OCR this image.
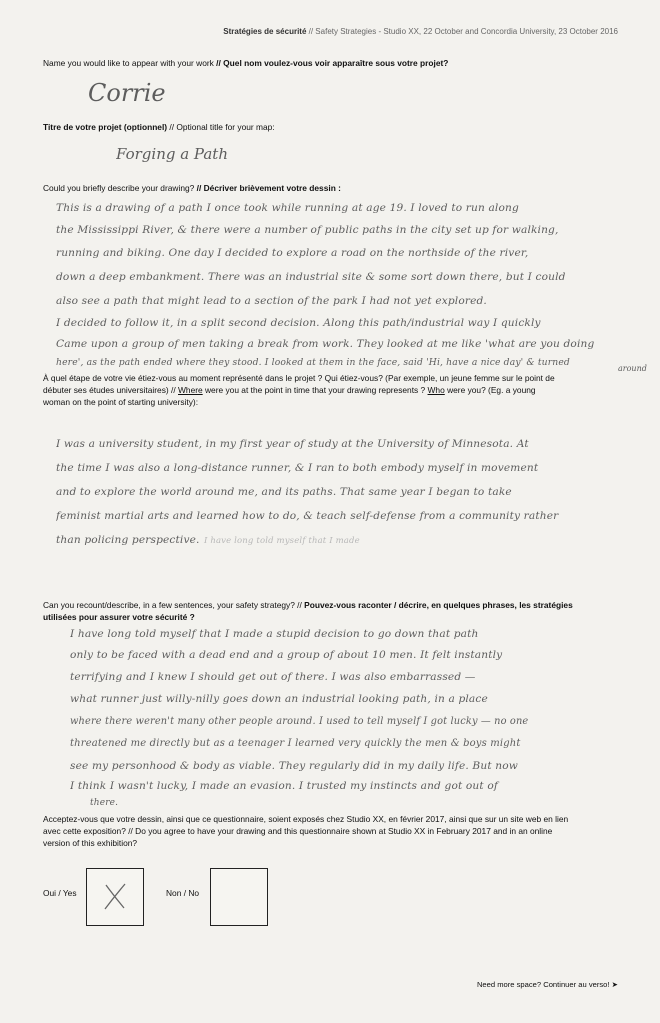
Stratégies de sécurité // Safety Strategies - Studio XX, 22 October and Concordia University, 23 October 2016
Name you would like to appear with your work // Quel nom voulez-vous voir apparaître sous votre projet?
Corrie
Titre de votre projet (optionnel) // Optional title for your map:
Forging a Path
Could you briefly describe your drawing? // Décriver brièvement votre dessin :
This is a drawing of a path I once took while running at age 19. I loved to run along
the Mississippi River, & there were a number of public paths in the city set up for walking,
running and biking. One day I decided to explore a road on the northside of the river,
down a deep embankment. There was an industrial site & some sort down there, but I could
also see a path that might lead to a section of the park I had not yet explored.
I decided to follow it, in a split second decision. Along this path/industrial way I quickly
Came upon a group of men taking a break from work. They looked at me like 'what are you doing
here', as the path ended where they stood. I looked at them in the face, said 'Hi, have a nice day' & turned
around
À quel étape de votre vie étiez-vous au moment représenté dans le projet ? Qui étiez-vous? (Par exemple, un jeune femme sur le point de
débuter ses études universitaires) // Where were you at the point in time that your drawing represents ? Who were you? (Eg. a young
woman on the point of starting university):
I was a university student, in my first year of study at the University of Minnesota. At
the time I was also a long-distance runner, & I ran to both embody myself in movement
and to explore the world around me, and its paths. That same year I began to take
feminist martial arts and learned how to do, & teach self-defense from a community rather
than policing perspective. I have long told myself that I made
Can you recount/describe, in a few sentences, your safety strategy? // Pouvez-vous raconter / décrire, en quelques phrases, les stratégies
utilisées pour assurer votre sécurité ?
I have long told myself that I made a stupid decision to go down that path
only to be faced with a dead end and a group of about 10 men. It felt instantly
terrifying and I knew I should get out of there. I was also embarrassed —
what runner just willy-nilly goes down an industrial looking path, in a place
where there weren't many other people around. I used to tell myself I got lucky — no one
threatened me directly but as a teenager I learned very quickly the men & boys might
see my personhood & body as viable. They regularly did in my daily life. But now
I think I wasn't lucky, I made an evasion. I trusted my instincts and got out of
there.
Acceptez-vous que votre dessin, ainsi que ce questionnaire, soient exposés chez Studio XX, en février 2017, ainsi que sur un site web en lien
avec cette exposition? // Do you agree to have your drawing and this questionnaire shown at Studio XX in February 2017 and in an online
version of this exhibition?
Oui / Yes	Non / No
Need more space? Continuer au verso! ➤
